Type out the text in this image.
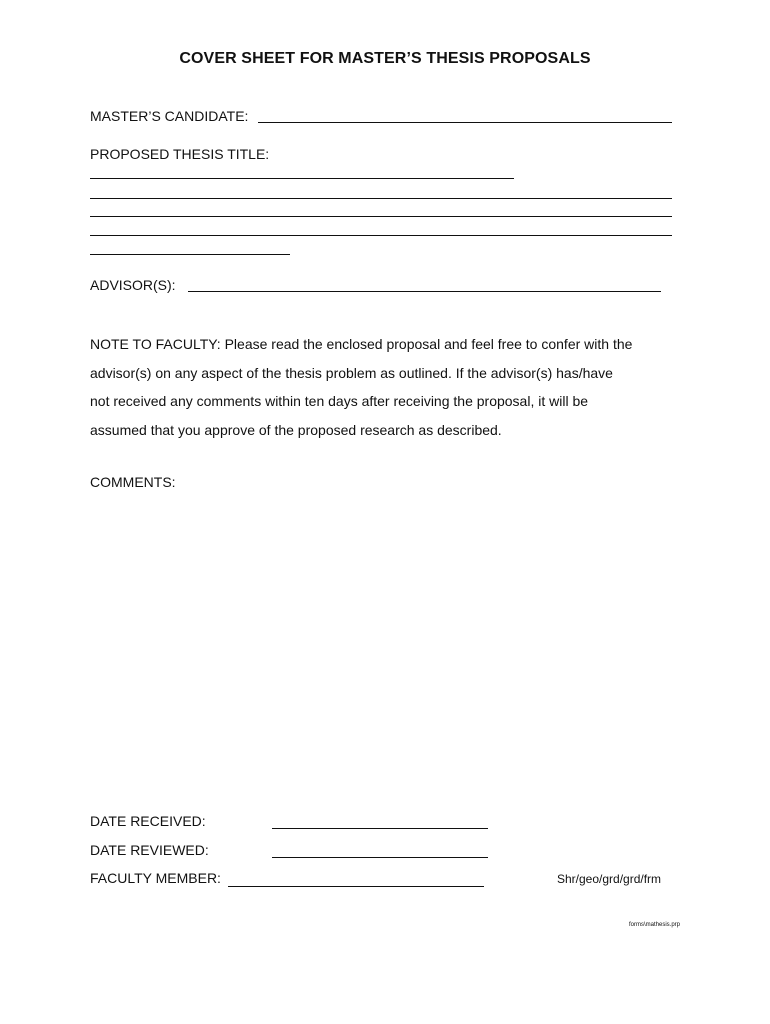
COVER SHEET FOR MASTER’S THESIS PROPOSALS
MASTER’S CANDIDATE:
PROPOSED THESIS TITLE:
ADVISOR(S):
NOTE TO FACULTY: Please read the enclosed proposal and feel free to confer with the
advisor(s) on any aspect of the thesis problem as outlined. If the advisor(s) has/have
not received any comments within ten days after receiving the proposal, it will be
assumed that you approve of the proposed research as described.
COMMENTS:
DATE RECEIVED:
DATE REVIEWED:
FACULTY MEMBER:	Shr/geo/grd/grd/frm
forms\mathesis.prp
